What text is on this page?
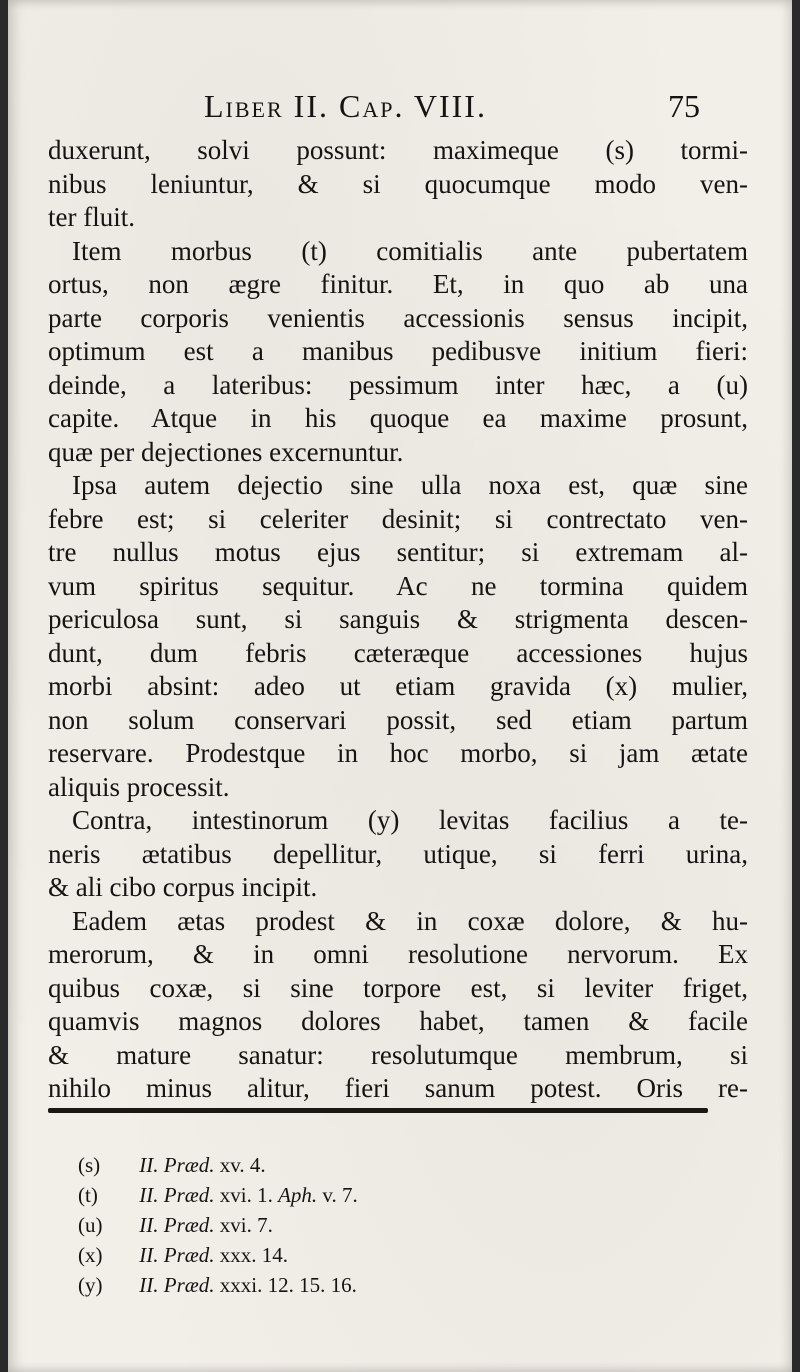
Liber II. Cap. VIII.	75
duxerunt, solvi possunt: maximeque (s) tormi-
nibus leniuntur, & si quocumque modo ven-
ter fluit.
Item morbus (t) comitialis ante pubertatem
ortus, non ægre finitur. Et, in quo ab una
parte corporis venientis accessionis sensus incipit,
optimum est a manibus pedibusve initium fieri:
deinde, a lateribus: pessimum inter hæc, a (u)
capite. Atque in his quoque ea maxime prosunt,
quæ per dejectiones excernuntur.
Ipsa autem dejectio sine ulla noxa est, quæ sine
febre est; si celeriter desinit; si contrectato ven-
tre nullus motus ejus sentitur; si extremam al-
vum spiritus sequitur. Ac ne tormina quidem
periculosa sunt, si sanguis & strigmenta descen-
dunt, dum febris cæteræque accessiones hujus
morbi absint: adeo ut etiam gravida (x) mulier,
non solum conservari possit, sed etiam partum
reservare. Prodestque in hoc morbo, si jam ætate
aliquis processit.
Contra, intestinorum (y) levitas facilius a te-
neris ætatibus depellitur, utique, si ferri urina,
& ali cibo corpus incipit.
Eadem ætas prodest & in coxæ dolore, & hu-
merorum, & in omni resolutione nervorum. Ex
quibus coxæ, si sine torpore est, si leviter friget,
quamvis magnos dolores habet, tamen & facile
& mature sanatur: resolutumque membrum, si
nihilo minus alitur, fieri sanum potest. Oris re-
(s) II. Præd. xv. 4.
(t) II. Præd. xvi. 1. Aph. v. 7.
(u) II. Præd. xvi. 7.
(x) II. Præd. xxx. 14.
(y) II. Præd. xxxi. 12. 15. 16.
